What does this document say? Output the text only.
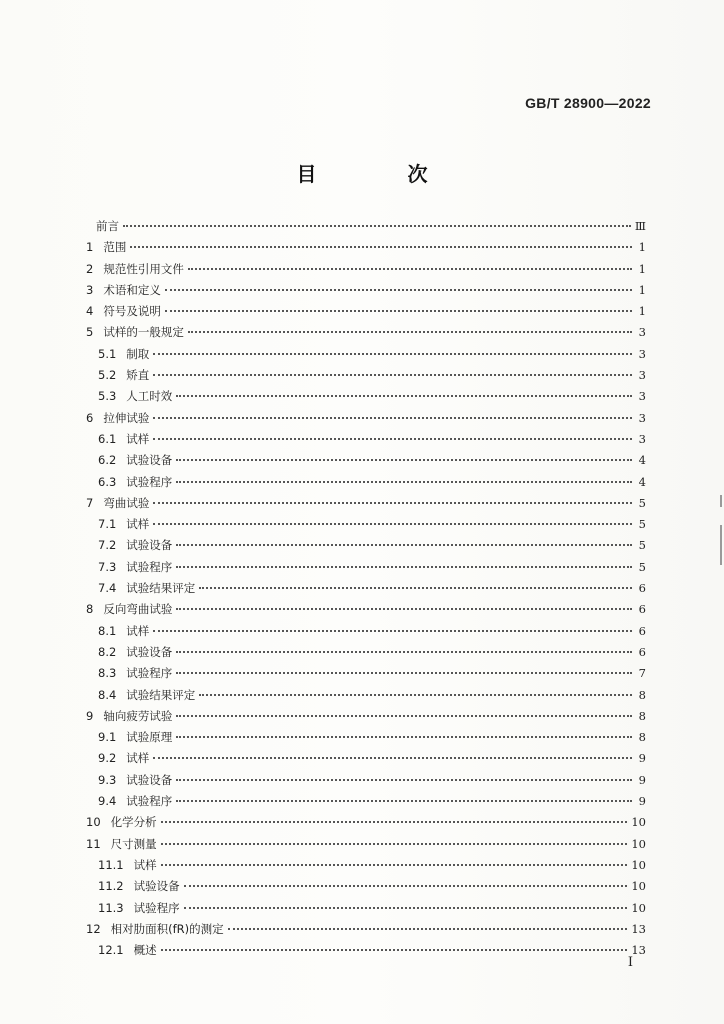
GB/T 28900—2022
目 次
前言	Ⅲ
1 范围	1
2 规范性引用文件	1
3 术语和定义	1
4 符号及说明	1
5 试样的一般规定	3
5.1 制取	3
5.2 矫直	3
5.3 人工时效	3
6 拉伸试验	3
6.1 试样	3
6.2 试验设备	4
6.3 试验程序	4
7 弯曲试验	5
7.1 试样	5
7.2 试验设备	5
7.3 试验程序	5
7.4 试验结果评定	6
8 反向弯曲试验	6
8.1 试样	6
8.2 试验设备	6
8.3 试验程序	7
8.4 试验结果评定	8
9 轴向疲劳试验	8
9.1 试验原理	8
9.2 试样	9
9.3 试验设备	9
9.4 试验程序	9
10 化学分析	10
11 尺寸测量	10
11.1 试样	10
11.2 试验设备	10
11.3 试验程序	10
12 相对肋面积(fR)的测定	13
12.1 概述	13
I
